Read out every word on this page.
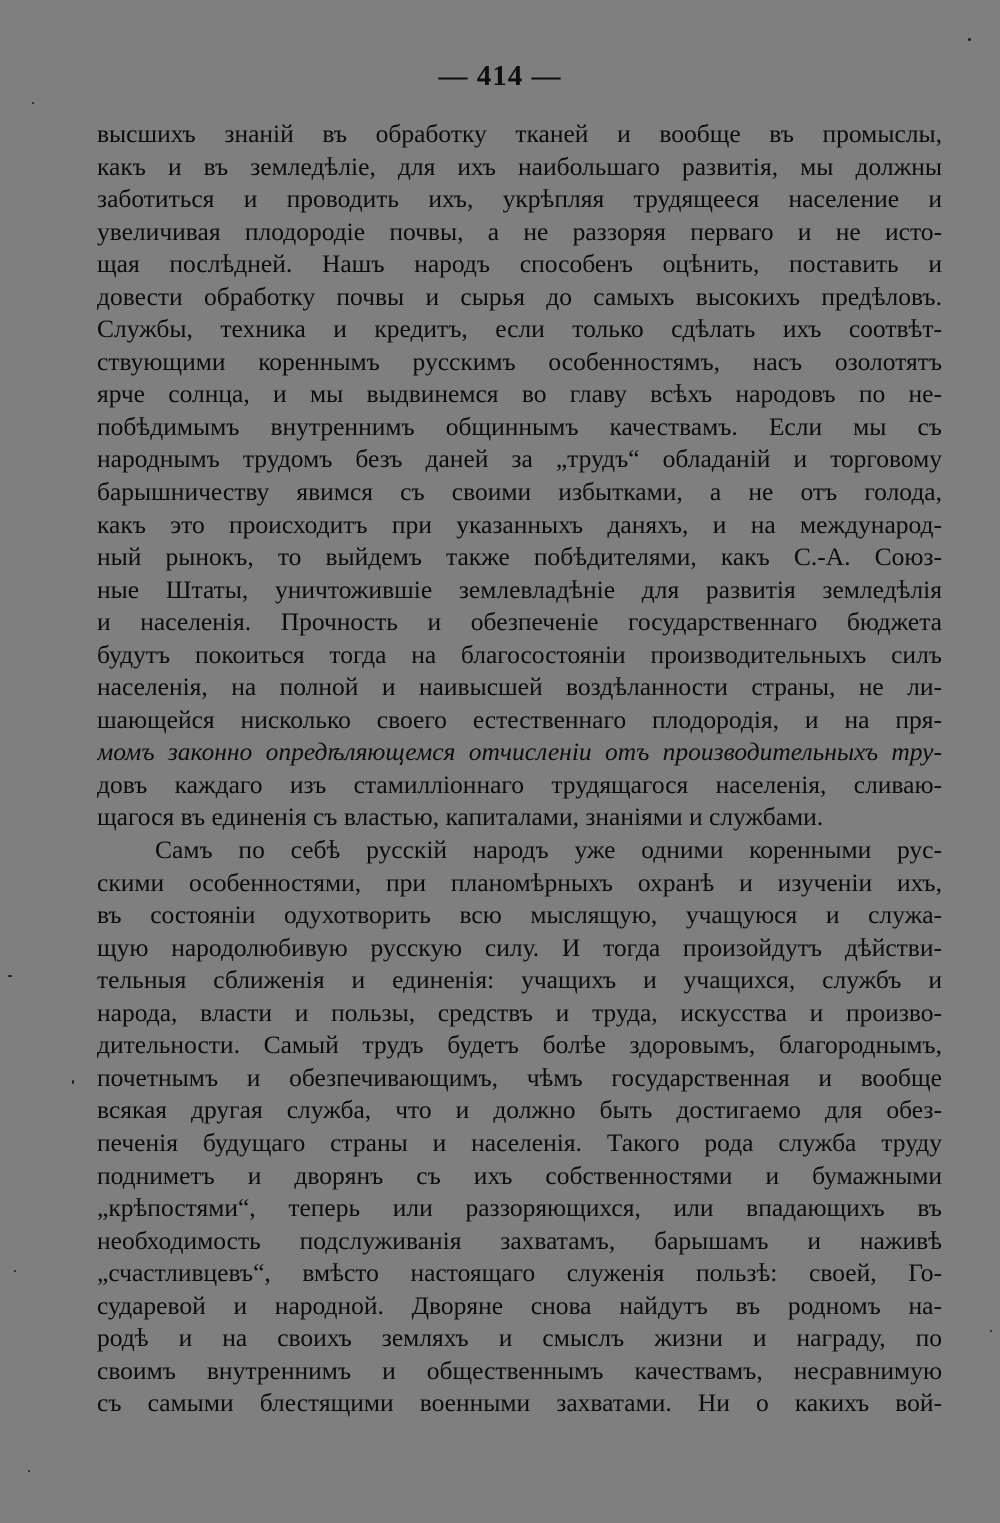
— 414 —
высшихъ знаній въ обработку тканей и вообще въ промыслы,
какъ и въ земледѣліе, для ихъ наибольшаго развитія, мы должны
заботиться и проводить ихъ, укрѣпляя трудящееся население и
увеличивая плодородіе почвы, а не раззоряя перваго и не исто-
щая послѣдней. Нашъ народъ способенъ оцѣнить, поставить и
довести обработку почвы и сырья до самыхъ высокихъ предѣловъ.
Службы, техника и кредитъ, если только сдѣлать ихъ соотвѣт-
ствующими кореннымъ русскимъ особенностямъ, насъ озолотятъ
ярче солнца, и мы выдвинемся во главу всѣхъ народовъ по не-
побѣдимымъ внутреннимъ общиннымъ качествамъ. Если мы съ
народнымъ трудомъ безъ даней за „трудъ“ обладаній и торговому
барышничеству явимся съ своими избытками, а не отъ голода,
какъ это происходитъ при указанныхъ даняхъ, и на международ-
ный рынокъ, то выйдемъ также побѣдителями, какъ С.-А. Союз-
ные Штаты, уничтожившіе землевладѣніе для развитія земледѣлія
и населенія. Прочность и обезпеченіе государственнаго бюджета
будутъ покоиться тогда на благосостояніи производительныхъ силъ
населенія, на полной и наивысшей воздѣланности страны, не ли-
шающейся нисколько своего естественнаго плодородія, и на пря-
момъ законно опредѣляющемся отчисленіи отъ производительныхъ тру-
довъ каждаго изъ стамилліоннаго трудящагося населенія, сливаю-
щагося въ единенія съ властью, капиталами, знаніями и службами.
Самъ по себѣ русскій народъ уже одними коренными рус-
скими особенностями, при планомѣрныхъ охранѣ и изученіи ихъ,
въ состояніи одухотворить всю мыслящую, учащуюся и служа-
щую народолюбивую русскую силу. И тогда произойдутъ дѣйстви-
тельныя сближенія и единенія: учащихъ и учащихся, службъ и
народа, власти и пользы, средствъ и труда, искусства и произво-
дительности. Самый трудъ будетъ болѣе здоровымъ, благороднымъ,
почетнымъ и обезпечивающимъ, чѣмъ государственная и вообще
всякая другая служба, что и должно быть достигаемо для обез-
печенія будущаго страны и населенія. Такого рода служба труду
подниметъ и дворянъ съ ихъ собственностями и бумажными
„крѣпостями“, теперь или раззоряющихся, или впадающихъ въ
необходимость подслуживанія захватамъ, барышамъ и наживѣ
„счастливцевъ“, вмѣсто настоящаго служенія пользѣ: своей, Го-
сударевой и народной. Дворяне снова найдутъ въ родномъ на-
родѣ и на своихъ земляхъ и смыслъ жизни и награду, по
своимъ внутреннимъ и общественнымъ качествамъ, несравнимую
съ самыми блестящими военными захватами. Ни о какихъ вой-
